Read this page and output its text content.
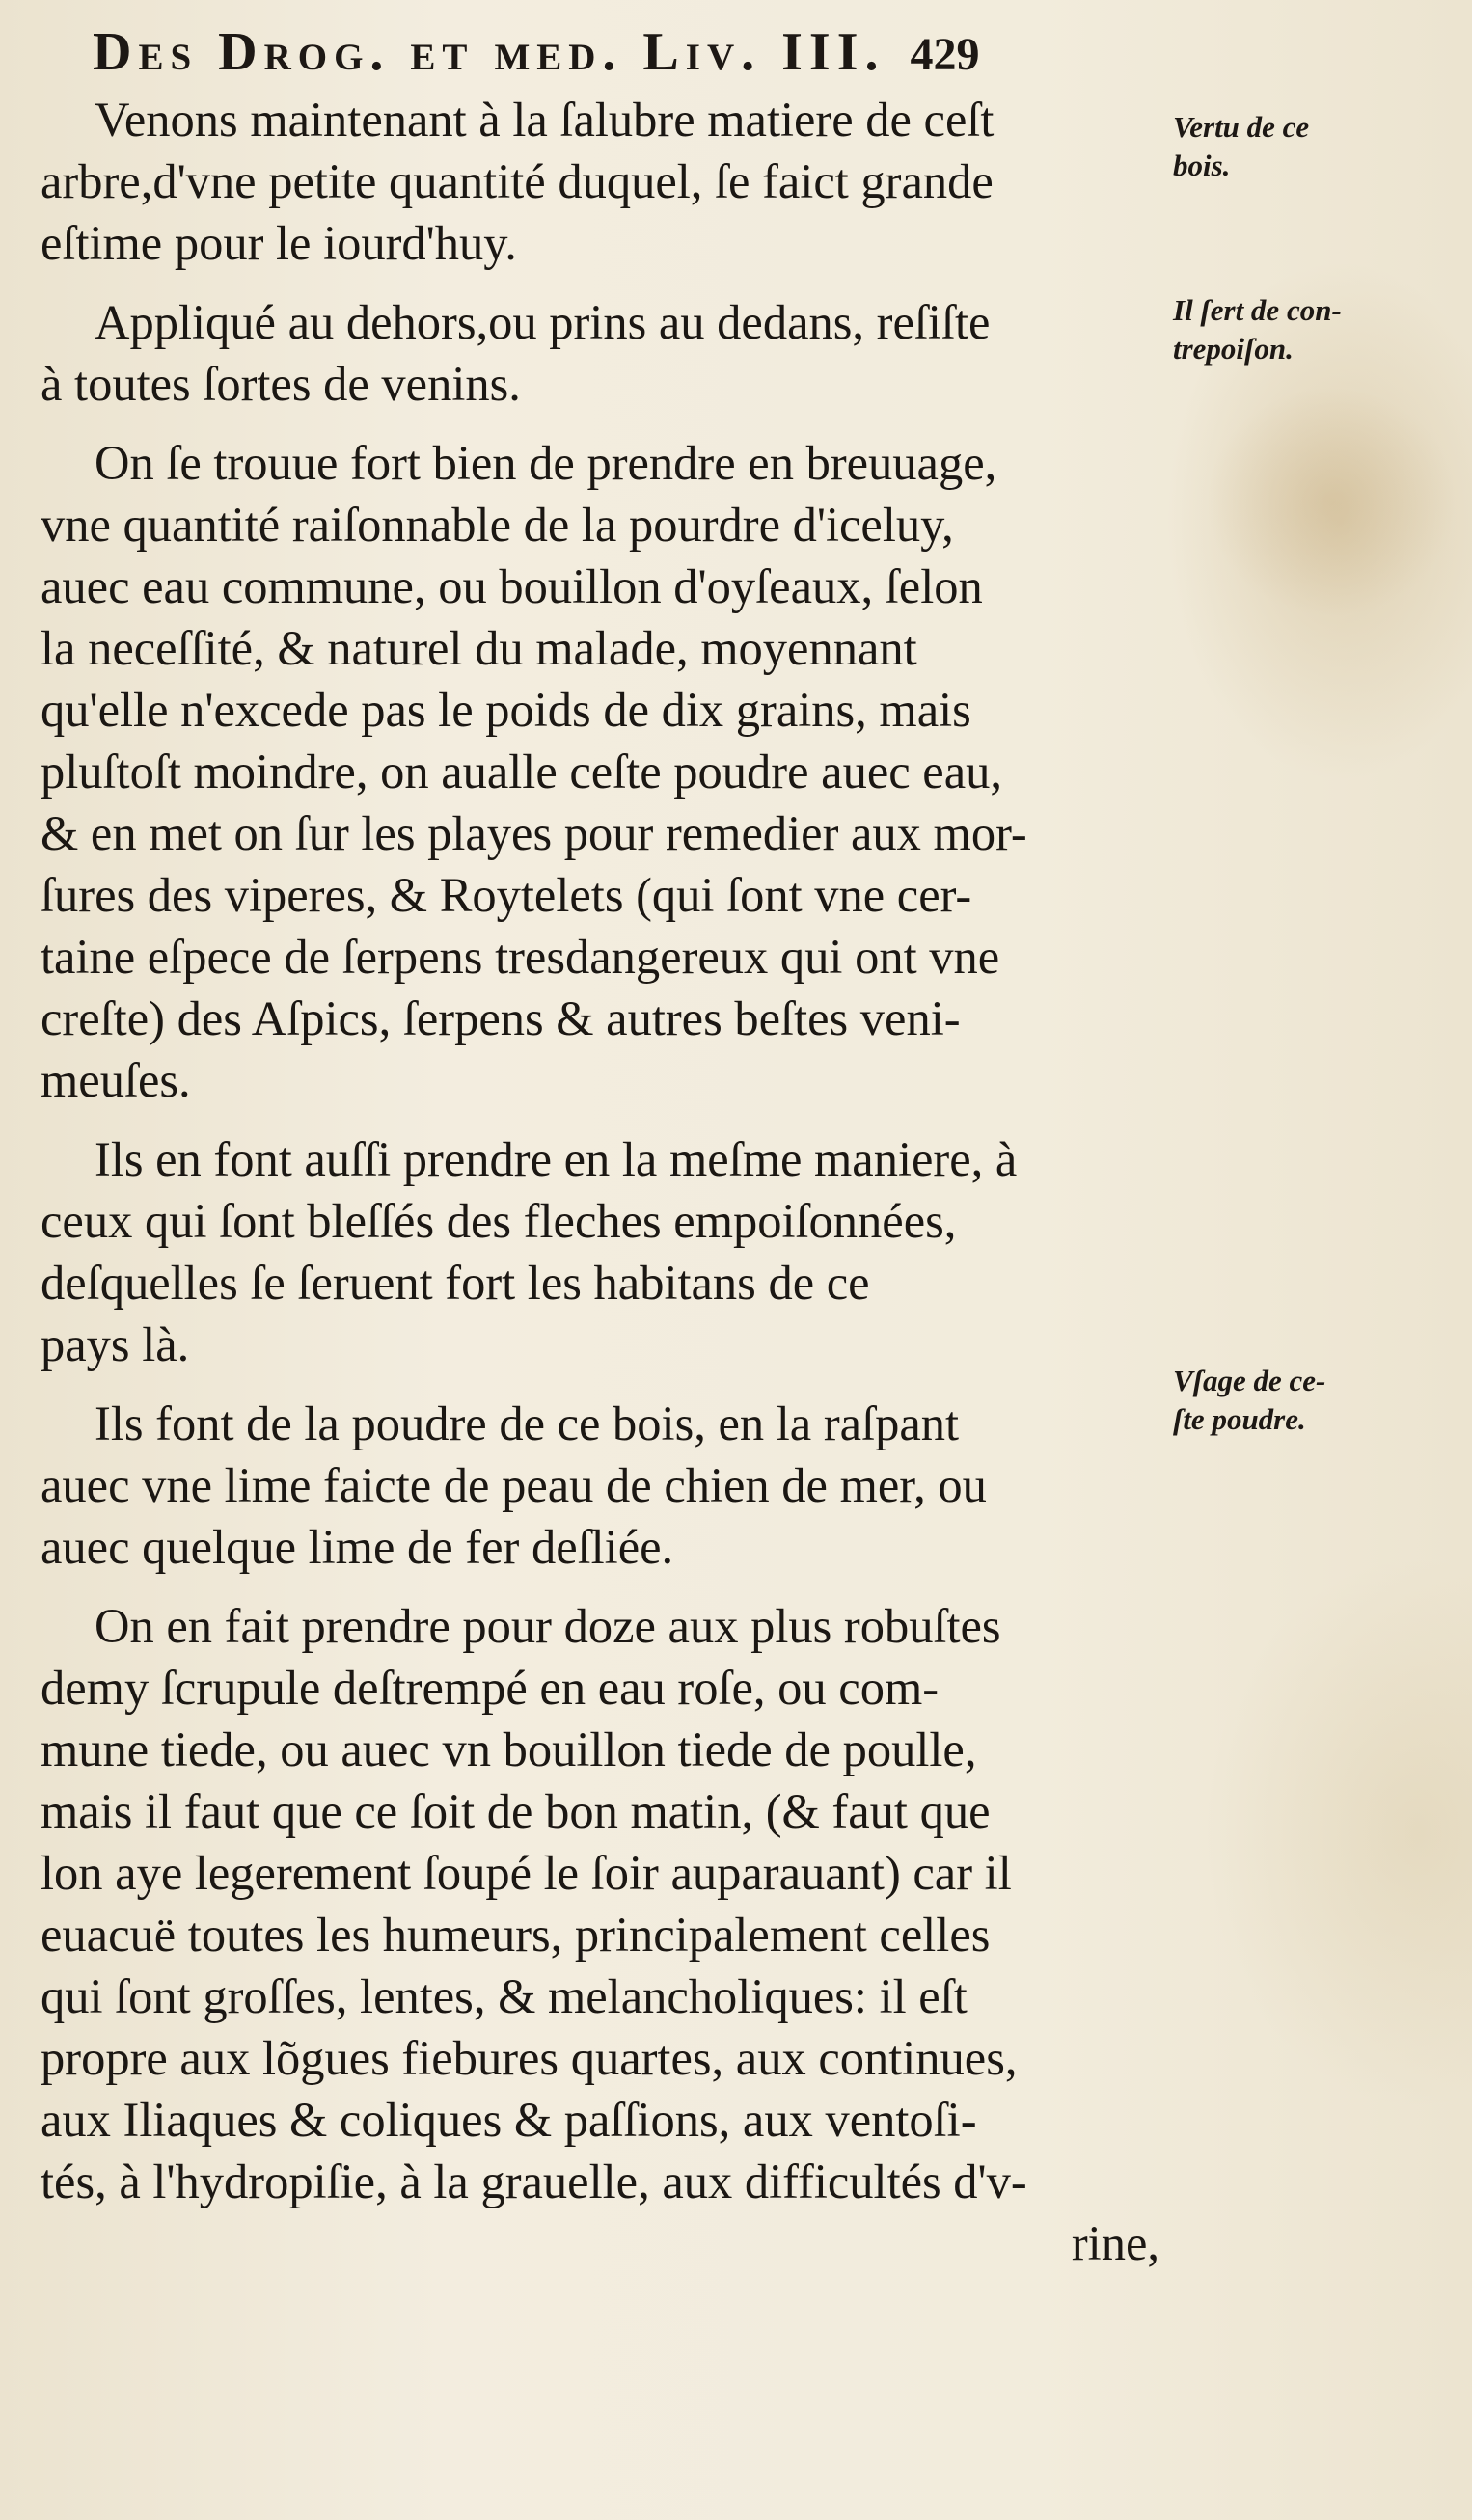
Des Drog. et med. Liv. III. 429
Venons maintenant à la ſalubre matiere de ceſt
arbre,d'vne petite quantité duquel, ſe faict grande
eſtime pour le iourd'huy.
Appliqué au dehors,ou prins au dedans, reſiſte
à toutes ſortes de venins.
On ſe trouue fort bien de prendre en breuuage,
vne quantité raiſonnable de la pourdre d'iceluy,
auec eau commune, ou bouillon d'oyſeaux, ſelon
la neceſſité, & naturel du malade, moyennant
qu'elle n'excede pas le poids de dix grains, mais
pluſtoſt moindre, on aualle ceſte poudre auec eau,
& en met on ſur les playes pour remedier aux mor-
ſures des viperes, & Roytelets (qui ſont vne cer-
taine eſpece de ſerpens tresdangereux qui ont vne
creſte) des Aſpics, ſerpens & autres beſtes veni-
meuſes.
Ils en font auſſi prendre en la meſme maniere, à
ceux qui ſont bleſſés des fleches empoiſonnées,
deſquelles ſe ſeruent fort les habitans de ce
pays là.
Ils font de la poudre de ce bois, en la raſpant
auec vne lime faicte de peau de chien de mer, ou
auec quelque lime de fer deſliée.
On en fait prendre pour doze aux plus robuſtes
demy ſcrupule deſtrempé en eau roſe, ou com-
mune tiede, ou auec vn bouillon tiede de poulle,
mais il faut que ce ſoit de bon matin, (& faut que
lon aye legerement ſoupé le ſoir auparauant) car il
euacuë toutes les humeurs, principalement celles
qui ſont groſſes, lentes, & melancholiques: il eſt
propre aux lõgues fiebures quartes, aux continues,
aux Iliaques & coliques & paſſions, aux ventoſi-
tés, à l'hydropiſie, à la grauelle, aux difficultés d'v-
rine,
Vertu de ce
bois.
Il ſert de con-
trepoiſon.
Vſage de ce-
ſte poudre.
